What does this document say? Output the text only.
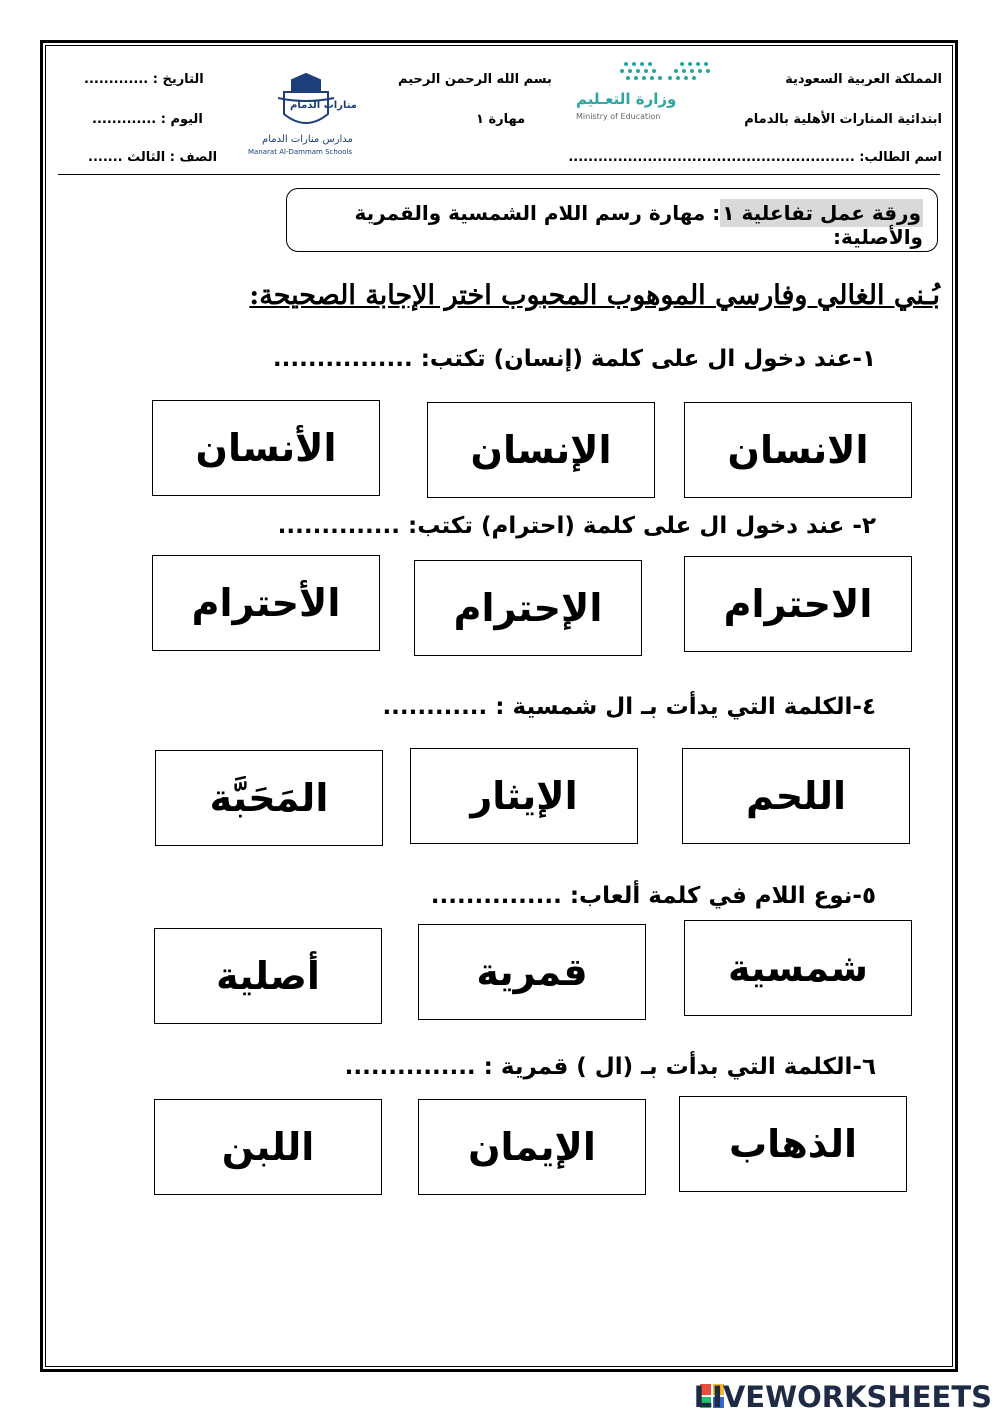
المملكة العربية السعودية
ابتدائية المنارات الأهلية بالدمام
اسم الطالب: ..........................................................
بسم الله الرحمن الرحيم
مهارة ١
التاريخ : .............
اليوم : .............
الصف : الثالث .......
وزارة التعـليم
Ministry of Education
منارات الدمام
مدارس منارات الدمام
Manarat Al-Dammam Schools
ورقة عمل تفاعلية ١: مهارة رسم اللام الشمسية والقمرية والأصلية:
بُـني الغالي وفارسي الموهوب المحبوب اختر الإجابة الصحيحة:
١-عند دخول ال على كلمة (إنسان) تكتب: ................
الانسان
الإنسان
الأنسان
٢- عند دخول ال على كلمة (احترام) تكتب: ..............
الاحترام
الإحترام
الأحترام
٤-الكلمة التي يدأت بـ ال شمسية : ............
اللحم
الإيثار
المَحَبَّة
٥-نوع اللام في كلمة ألعاب: ...............
شمسية
قمرية
أصلية
٦-الكلمة التي بدأت بـ (ال ) قمرية : ...............
الذهاب
الإيمان
اللبن
LIVEWORKSHEETS
